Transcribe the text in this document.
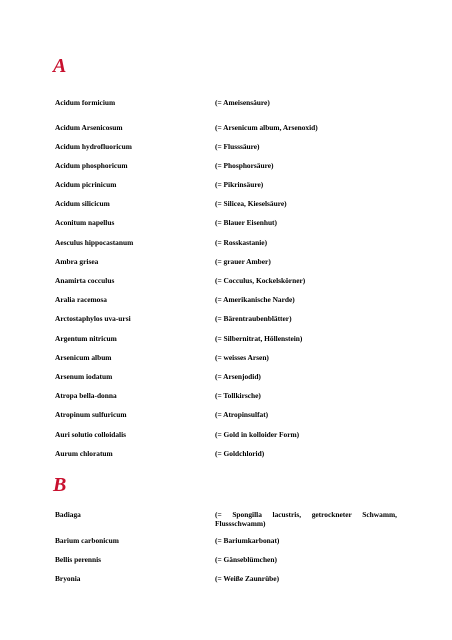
A
Acidum formicium	(= Ameisensäure)
Acidum Arsenicosum	(= Arsenicum album, Arsenoxid)
Acidum hydrofluoricum	(= Flusssäure)
Acidum phosphoricum	(= Phosphorsäure)
Acidum picrinicum	(= Pikrinsäure)
Acidum silicicum	(= Silicea, Kieselsäure)
Aconitum napellus	(= Blauer Eisenhut)
Aesculus hippocastanum	(= Rosskastanie)
Ambra grisea	(= grauer Amber)
Anamirta cocculus	(= Cocculus, Kockelskörner)
Aralia racemosa	(= Amerikanische Narde)
Arctostaphylos uva-ursi	(= Bärentraubenblätter)
Argentum nitricum	(= Silbernitrat, Höllenstein)
Arsenicum album	(= weisses Arsen)
Arsenum iodatum	(= Arsenjodid)
Atropa bella-donna	(= Tollkirsche)
Atropinum sulfuricum	(= Atropinsulfat)
Auri solutio colloidalis	(= Gold in kolloider Form)
Aurum chloratum	(= Goldchlorid)
B
Badiaga	(= Spongilla lacustris, getrockneter Schwamm, Flussschwamm)
Barium carbonicum	(= Bariumkarbonat)
Bellis perennis	(= Gänseblümchen)
Bryonia	(= Weiße Zaunrübe)
